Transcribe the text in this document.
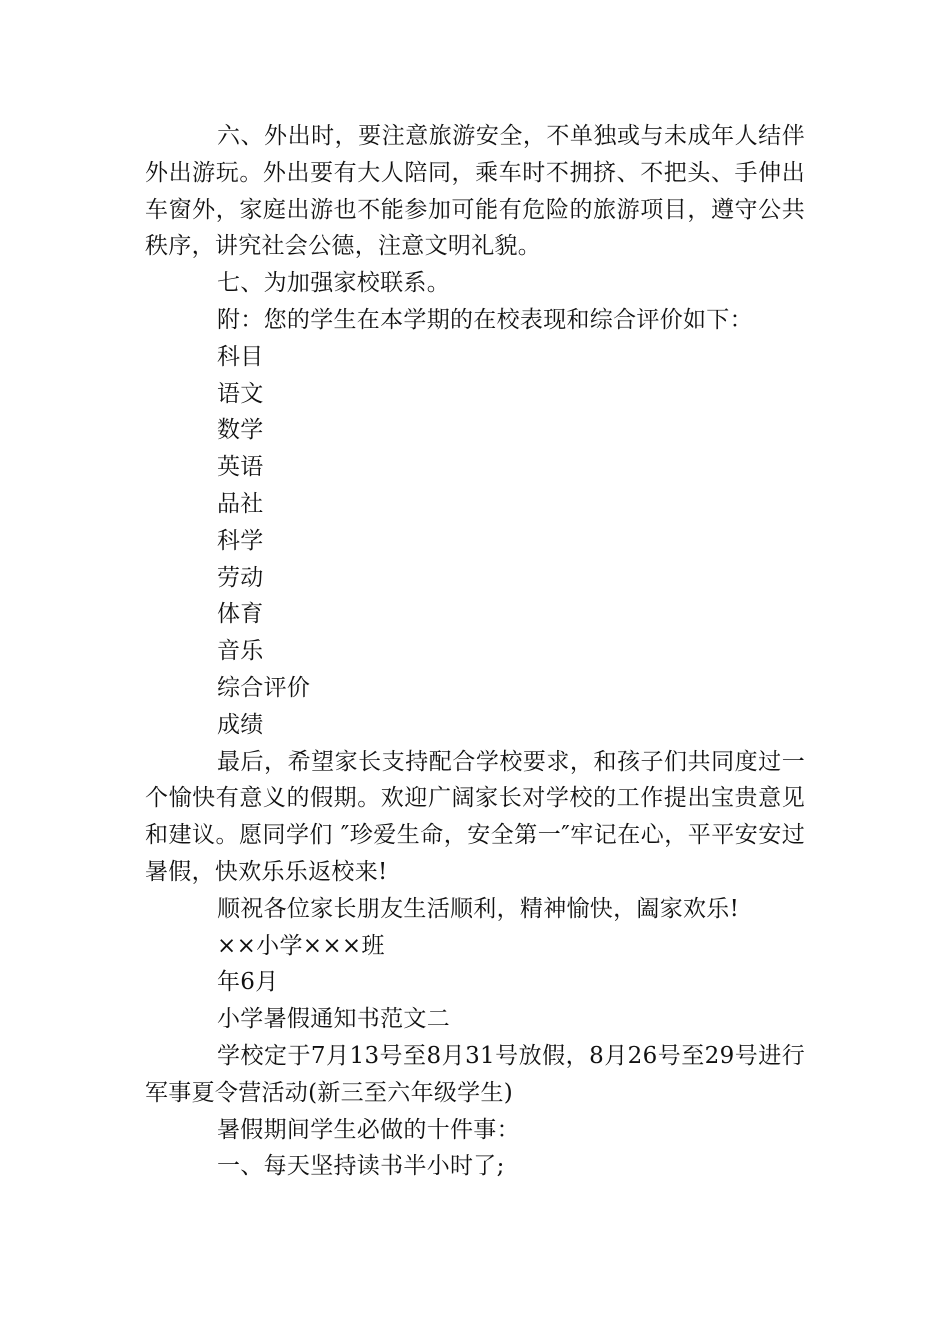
六、外出时，要注意旅游安全，不单独或与未成年人结伴外出游玩。外出要有大人陪同，乘车时不拥挤、不把头、手伸出车窗外，家庭出游也不能参加可能有危险的旅游项目，遵守公共秩序，讲究社会公德，注意文明礼貌。

七、为加强家校联系。

附：您的学生在本学期的在校表现和综合评价如下：

科目

语文

数学

英语

品社

科学

劳动

体育

音乐

综合评价

成绩

最后，希望家长支持配合学校要求，和孩子们共同度过一个愉快有意义的假期。欢迎广阔家长对学校的工作提出宝贵意见和建议。愿同学们 ″珍爱生命，安全第一″牢记在心，平平安安过暑假，快欢乐乐返校来!

顺祝各位家长朋友生活顺利，精神愉快，阖家欢乐!

××小学×××班

年6月

小学暑假通知书范文二

学校定于7月13号至8月31号放假，8月26号至29号进行军事夏令营活动(新三至六年级学生)

暑假期间学生必做的十件事：

一、每天坚持读书半小时了;
